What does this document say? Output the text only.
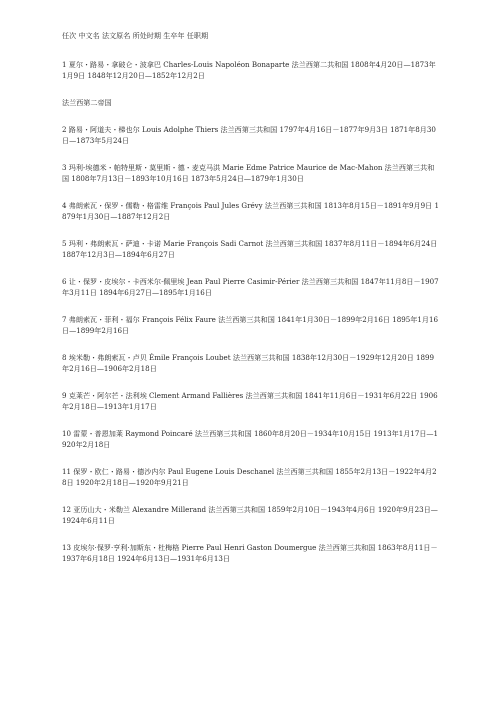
任次 中文名 法文原名 所处时期 生卒年 任职期

1 夏尔・路易・拿破仑・波拿巴 Charles-Louis Napoléon Bonaparte 法兰西第二共和国 1808年4月20日—1873年1月9日 1848年12月20日—1852年12月2日

法兰西第二帝国

2 路易・阿道夫・梯也尔 Louis Adolphe Thiers 法兰西第三共和国 1797年4月16日－1877年9月3日 1871年8月30日—1873年5月24日

3 玛利-埃德米・帕特里斯・莫里斯・德・麦克马洪 Marie Edme Patrice Maurice de Mac-Mahon 法兰西第三共和国 1808年7月13日－1893年10月16日 1873年5月24日—1879年1月30日

4 弗朗索瓦・保罗・儒勒・格雷维 François Paul Jules Grévy 法兰西第三共和国 1813年8月15日－1891年9月9日 1879年1月30日—1887年12月2日

5 玛利・弗朗索瓦・萨迪・卡诺 Marie François Sadi Carnot 法兰西第三共和国 1837年8月11日－1894年6月24日 1887年12月3日—1894年6月27日

6 让・保罗・皮埃尔・卡西米尔·佩里埃 Jean Paul Pierre Casimir-Périer 法兰西第三共和国 1847年11月8日－1907年3月11日 1894年6月27日—1895年1月16日

7 弗朗索瓦・菲利・福尔 François Félix Faure 法兰西第三共和国 1841年1月30日－1899年2月16日 1895年1月16日—1899年2月16日

8 埃米勒・弗朗索瓦・卢贝 Émile François Loubet 法兰西第三共和国 1838年12月30日－1929年12月20日 1899年2月16日—1906年2月18日

9 克莱芒・阿尔芒・法利埃 Clement Armand Fallières 法兰西第三共和国 1841年11月6日－1931年6月22日 1906年2月18日—1913年1月17日

10 雷蒙・普恩加莱 Raymond Poincaré 法兰西第三共和国 1860年8月20日－1934年10月15日 1913年1月17日—1920年2月18日

11 保罗・欧仁・路易・德沙内尔 Paul Eugene Louis Deschanel 法兰西第三共和国 1855年2月13日－1922年4月28日 1920年2月18日—1920年9月21日

12 亚历山大・米勒兰 Alexandre Millerand 法兰西第三共和国 1859年2月10日－1943年4月6日 1920年9月23日—1924年6月11日

13 皮埃尔·保罗·亨利·加斯东・杜梅格 Pierre Paul Henri Gaston Doumergue 法兰西第三共和国 1863年8月11日－1937年6月18日 1924年6月13日—1931年6月13日
